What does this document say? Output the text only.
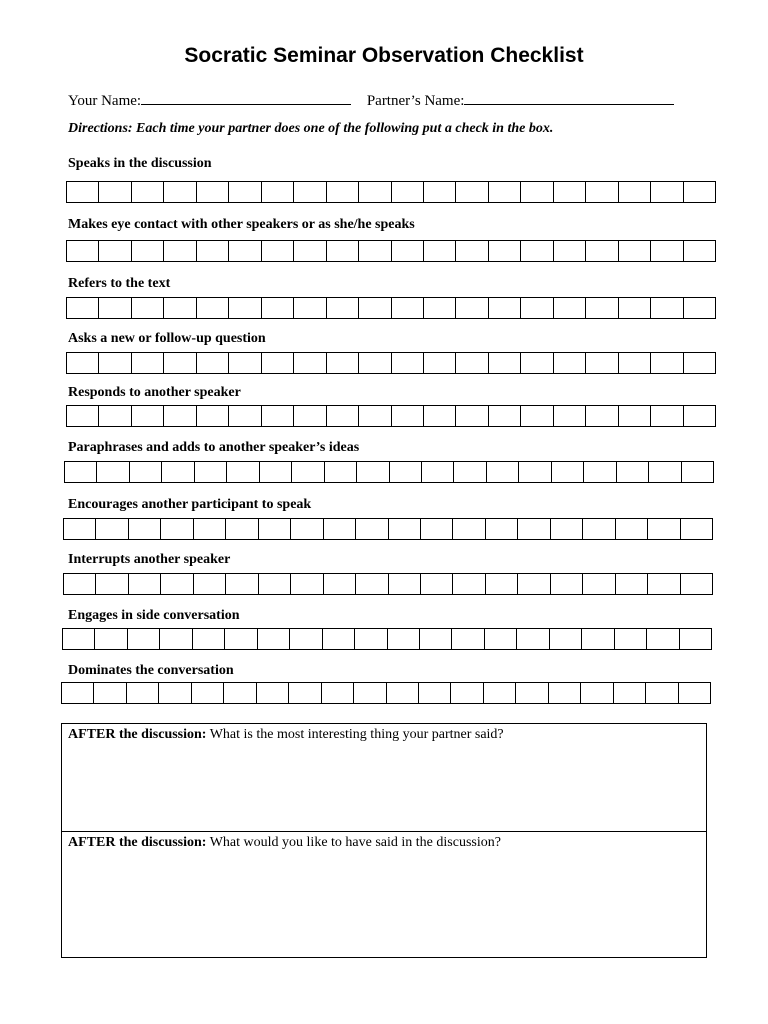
Socratic Seminar Observation Checklist
Your Name:	Partner’s Name:
Directions: Each time your partner does one of the following put a check in the box.
Speaks in the discussion
Makes eye contact with other speakers or as she/he speaks
Refers to the text
Asks a new or follow-up question
Responds to another speaker
Paraphrases and adds to another speaker’s ideas
Encourages another participant to speak
Interrupts another speaker
Engages in side conversation
Dominates the conversation
AFTER the discussion: What is the most interesting thing your partner said?
AFTER the discussion: What would you like to have said in the discussion?
